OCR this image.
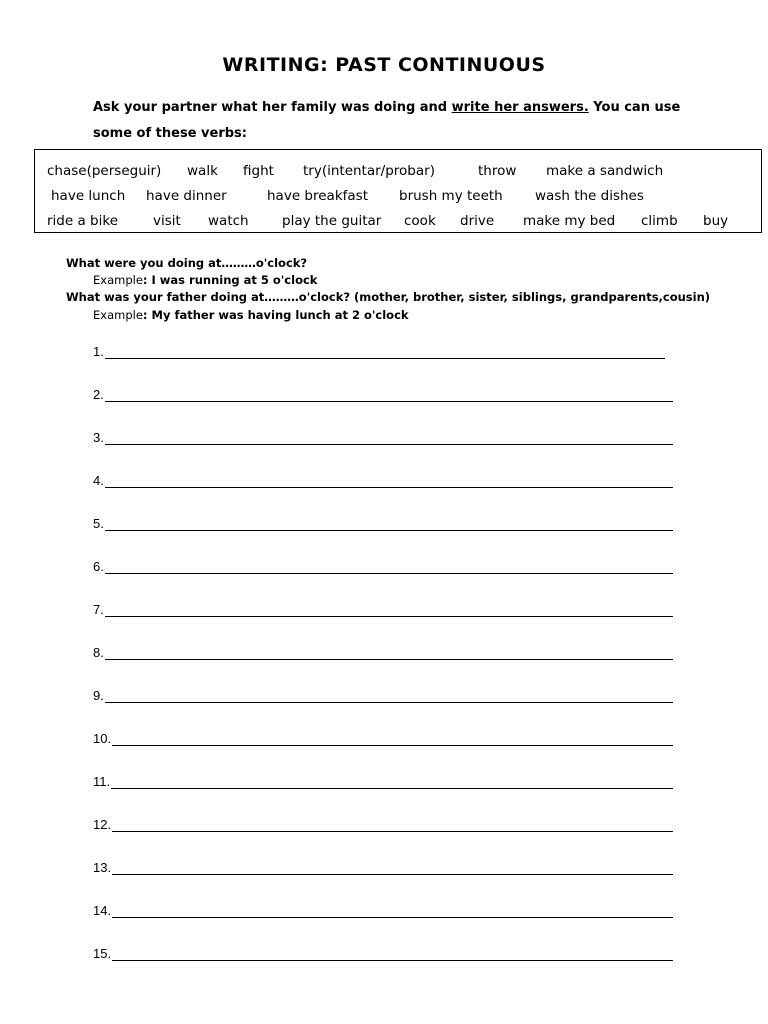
WRITING: PAST CONTINUOUS
Ask your partner what her family was doing and write her answers. You can use
some of these verbs:
chase(perseguir) walk fight try(intentar/probar)	throw make a sandwich
have lunch have dinner	have breakfast brush my teeth wash the dishes
ride a bike	visit watch play the guitar cook drive make my bed climb buy
What were you doing at………o'clock?
Example: I was running at 5 o'clock
What was your father doing at………o'clock? (mother, brother, sister, siblings, grandparents,cousin)
Example: My father was having lunch at 2 o'clock
1.
2.
3.
4.
5.
6.
7.
8.
9.
10.
11.
12.
13.
14.
15.
